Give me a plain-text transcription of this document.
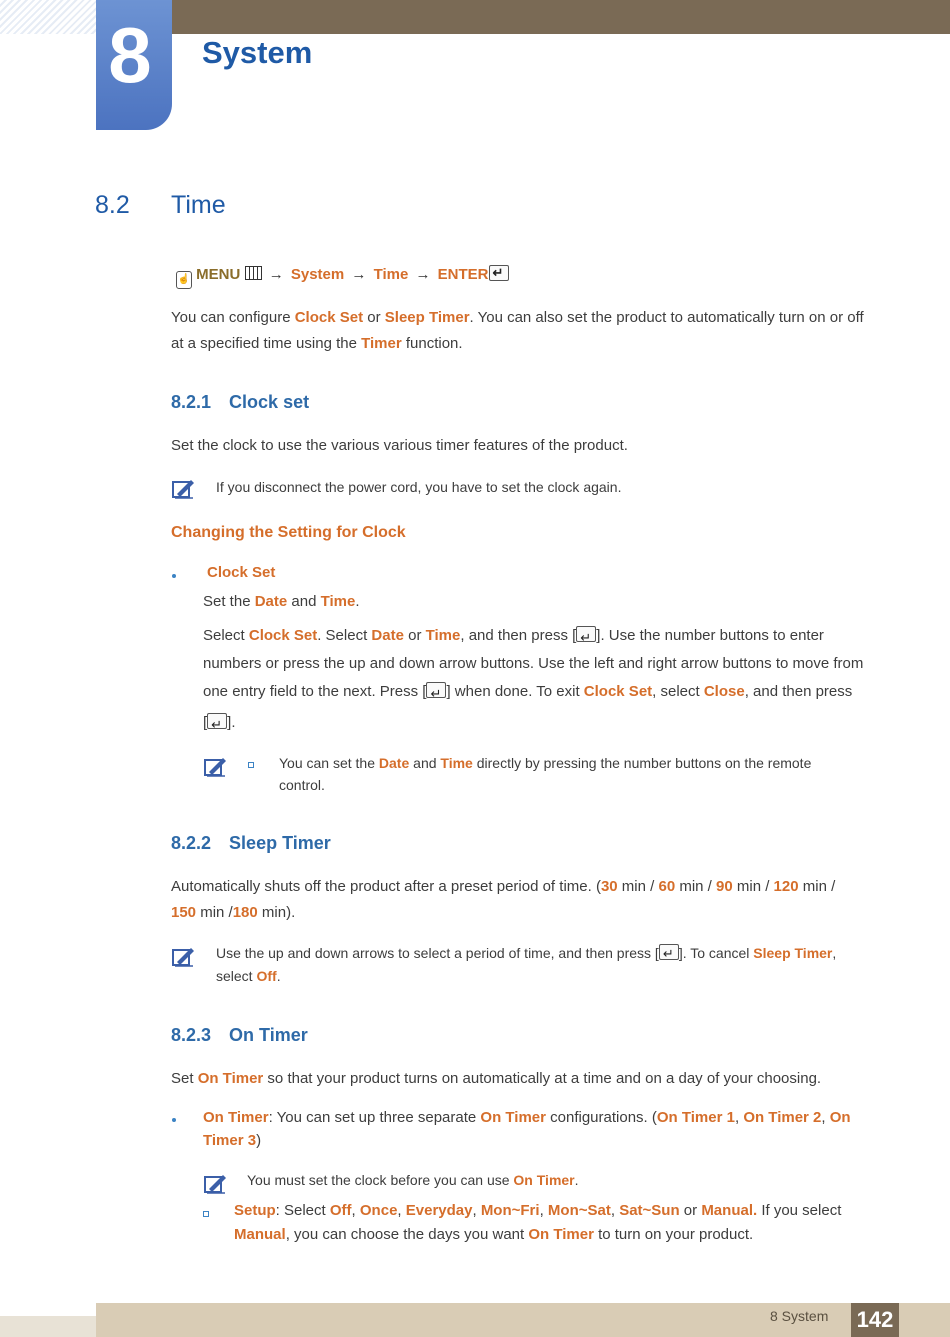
8	System
8.2 Time
☝ MENU → System → Time → ENTER↵
You can configure Clock Set or Sleep Timer. You can also set the product to automatically turn on or off
at a specified time using the Timer function.
8.2.1 Clock set
Set the clock to use the various various timer features of the product.
If you disconnect the power cord, you have to set the clock again.
Changing the Setting for Clock
Clock Set
Set the Date and Time.
Select Clock Set. Select Date or Time, and then press [ ↵ ]. Use the number buttons to enter
numbers or press the up and down arrow buttons. Use the left and right arrow buttons to move from
one entry field to the next. Press [ ↵ ] when done. To exit Clock Set, select Close, and then press
[ ↵ ].
You can set the Date and Time directly by pressing the number buttons on the remote
control.
8.2.2 Sleep Timer
Automatically shuts off the product after a preset period of time. (30 min / 60 min / 90 min / 120 min /
150 min /180 min).
Use the up and down arrows to select a period of time, and then press [ ↵ ]. To cancel Sleep Timer,
select Off.
8.2.3 On Timer
Set On Timer so that your product turns on automatically at a time and on a day of your choosing.
On Timer: You can set up three separate On Timer configurations. (On Timer 1, On Timer 2, On
Timer 3)
You must set the clock before you can use On Timer.
Setup: Select Off, Once, Everyday, Mon~Fri, Mon~Sat, Sat~Sun or Manual. If you select
Manual, you can choose the days you want On Timer to turn on your product.
8 System 142
